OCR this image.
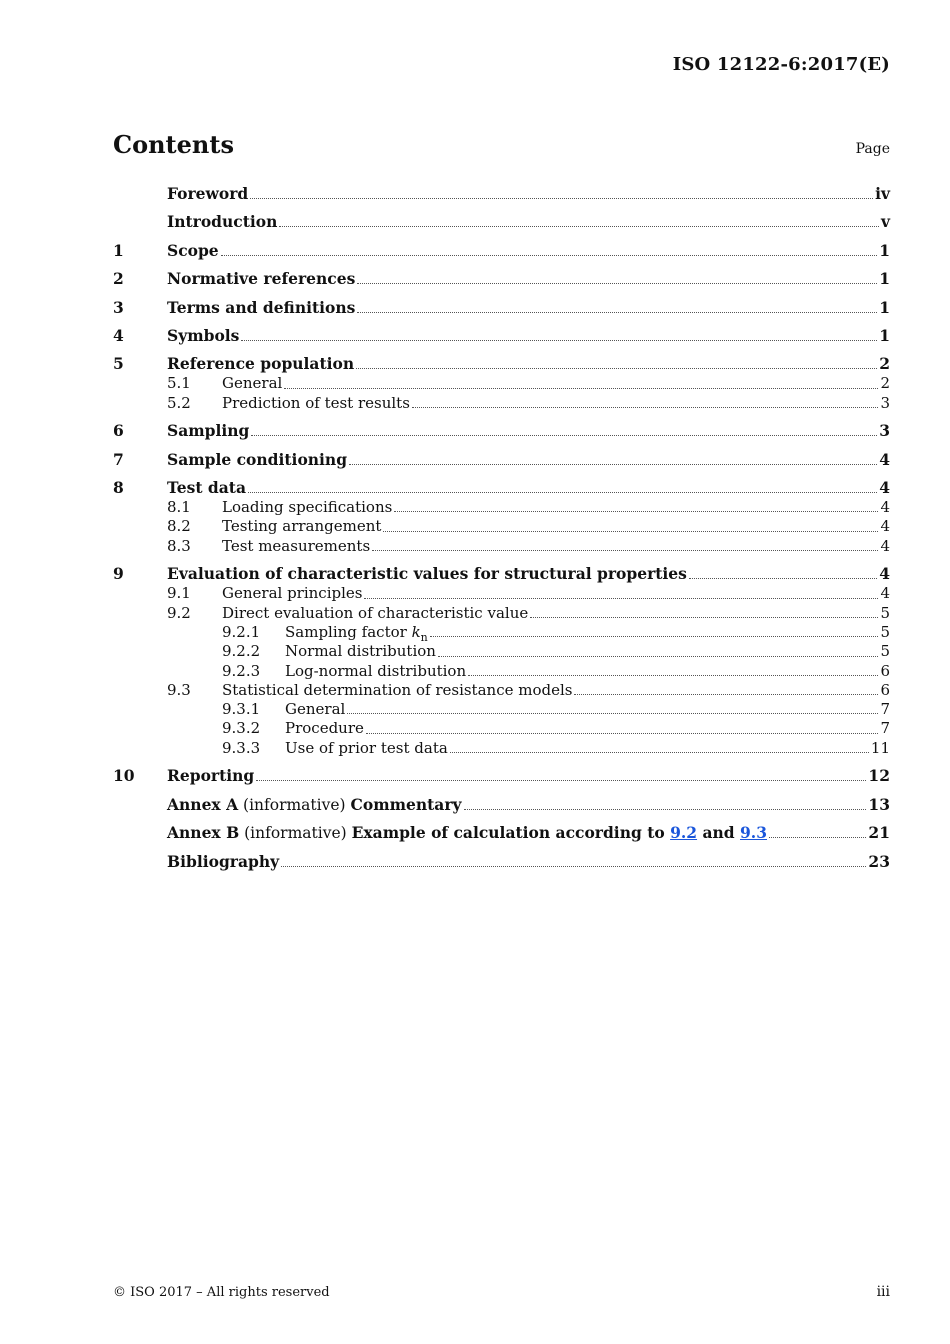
ISO 12122-6:2017(E)
Contents	Page
Foreword	iv
Introduction	v
1	Scope	1
2	Normative references	1
3	Terms and definitions	1
4	Symbols	1
5	Reference population	2
5.1	General	2
5.2	Prediction of test results	3
6	Sampling	3
7	Sample conditioning	4
8	Test data	4
8.1	Loading specifications	4
8.2	Testing arrangement	4
8.3	Test measurements	4
9	Evaluation of characteristic values for structural properties	4
9.1	General principles	4
9.2	Direct evaluation of characteristic value	5
9.2.1	Sampling factor $k_n$	5
9.2.2	Normal distribution	5
9.2.3	Log-normal distribution	6
9.3	Statistical determination of resistance models	6
9.3.1	General	7
9.3.2	Procedure	7
9.3.3	Use of prior test data	11
10	Reporting	12
Annex A (informative) Commentary	13
Annex B (informative) Example of calculation according to 9.2 and 9.3	21
Bibliography	23
© ISO 2017 – All rights reserved	iii
